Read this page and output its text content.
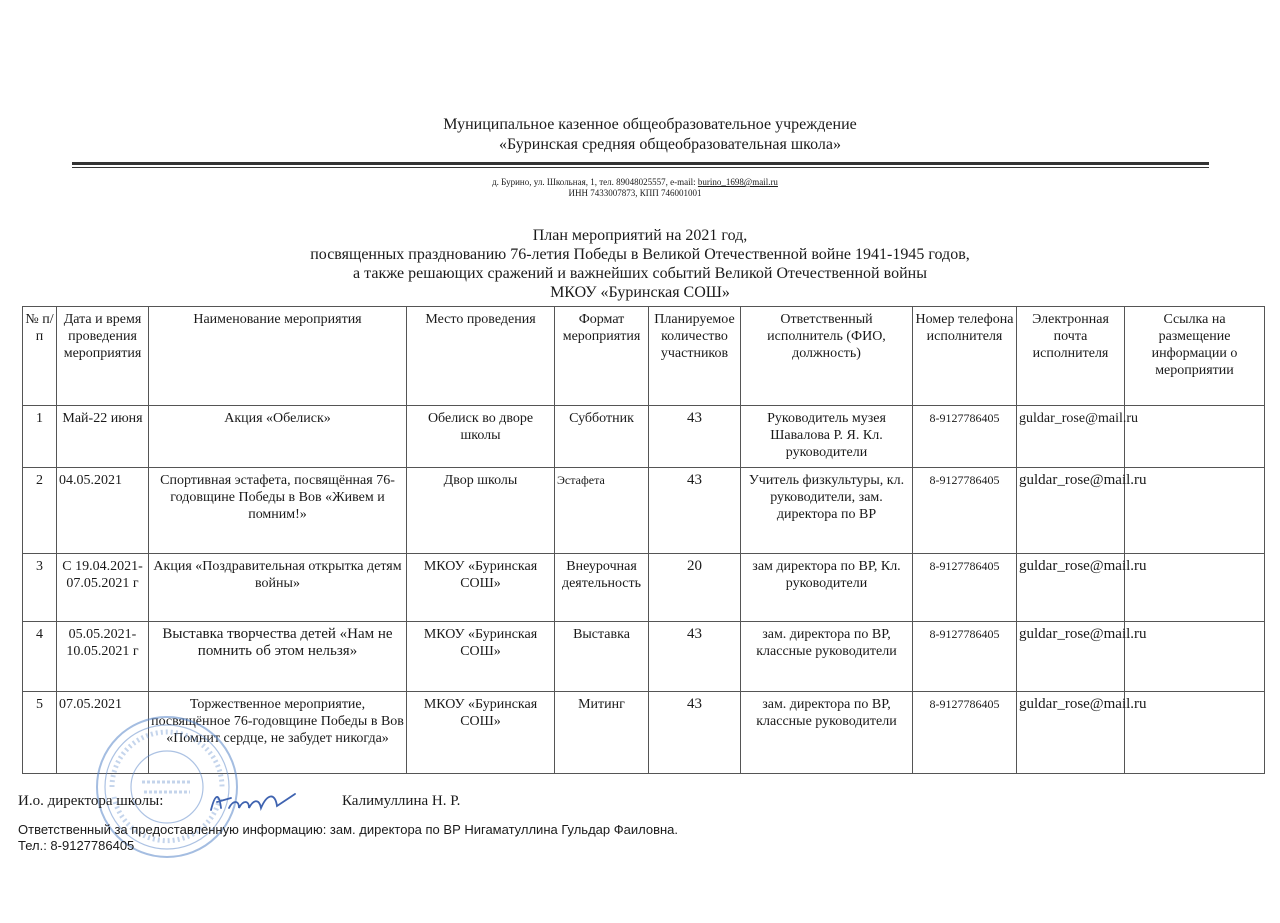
Муниципальное казенное общеобразовательное учреждение
«Буринская средняя общеобразовательная школа»
д. Бурино, ул. Школьная, 1, тел. 89048025557, e-mail: burino_1698@mail.ru
ИНН 7433007873, КПП 746001001
План мероприятий на 2021 год,
посвященных празднованию 76-летия Победы в Великой Отечественной войне 1941-1945 годов,
а также решающих сражений и важнейших событий Великой Отечественной войны
МКОУ «Буринская СОШ»
№ п/п	Дата и время проведения мероприятия	Наименование мероприятия	Место проведения	Формат мероприятия	Планируемое количество участников	Ответственный исполнитель (ФИО, должность)	Номер телефона исполнителя	Электронная почта исполнителя	Ссылка на размещение информации о мероприятии
1	Май-22 июня	Акция «Обелиск»	Обелиск во дворе школы	Субботник	43	Руководитель музея Шавалова Р. Я. Кл. руководители	8-9127786405	guldar_rose@mail.ru	
2	04.05.2021	Спортивная эстафета, посвящённая 76-годовщине Победы в Вов «Живем и помним!»	Двор школы	Эстафета	43	Учитель физкультуры, кл. руководители, зам. директора по ВР	8-9127786405	guldar_rose@mail.ru	
3	С 19.04.2021-07.05.2021 г	Акция «Поздравительная открытка детям войны»	МКОУ «Буринская СОШ»	Внеурочная деятельность	20	зам директора по ВР, Кл. руководители	8-9127786405	guldar_rose@mail.ru	
4	05.05.2021-10.05.2021 г	Выставка творчества детей «Нам не помнить об этом нельзя»	МКОУ «Буринская СОШ»	Выставка	43	зам. директора по ВР, классные руководители	8-9127786405	guldar_rose@mail.ru	
5	07.05.2021	Торжественное мероприятие, посвящённое 76-годовщине Победы в Вов «Помнит сердце, не забудет никогда»	МКОУ «Буринская СОШ»	Митинг	43	зам. директора по ВР, классные руководители	8-9127786405	guldar_rose@mail.ru	
И.о. директора школы:	Калимуллина Н. Р.
Ответственный за предоставленную информацию: зам. директора по ВР Нигаматуллина Гульдар Фаиловна.
Тел.: 8-9127786405
